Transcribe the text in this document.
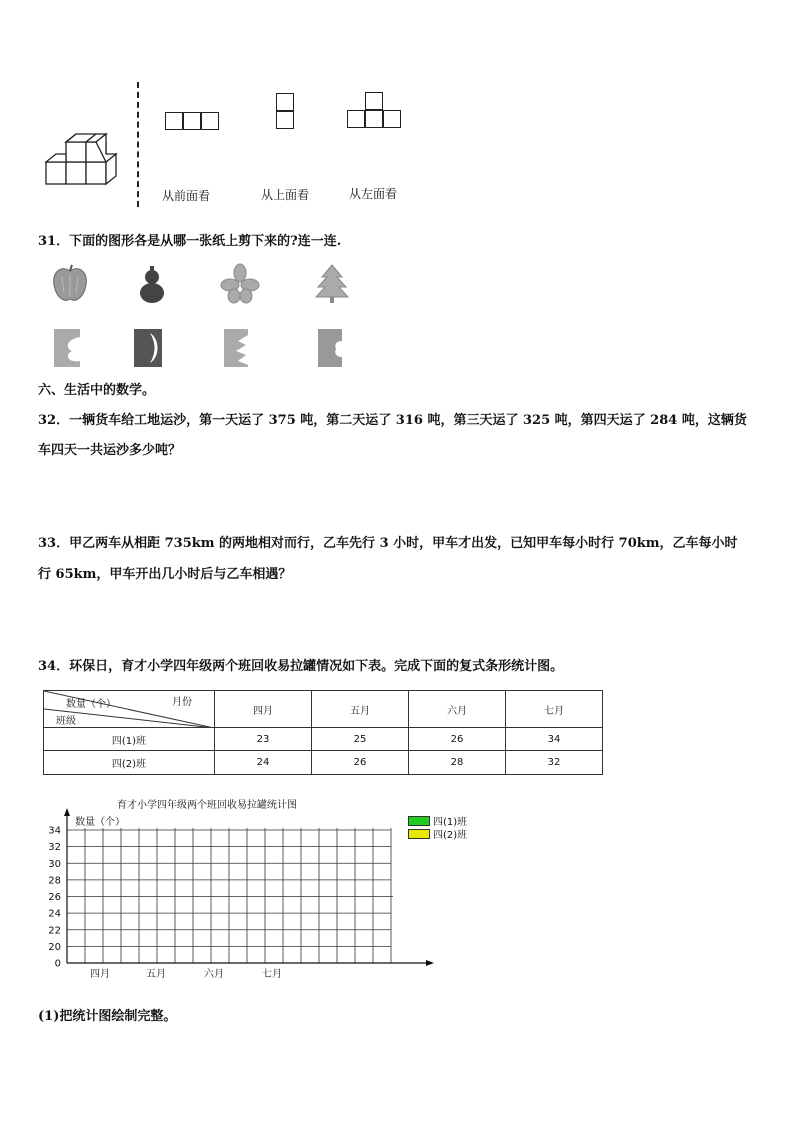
从前面看	从上面看	从左面看
31．下面的图形各是从哪一张纸上剪下来的?连一连.
六、生活中的数学。
32．一辆货车给工地运沙，第一天运了 375 吨，第二天运了 316 吨，第三天运了 325 吨，第四天运了 284 吨，这辆货
车四天一共运沙多少吨？
33．甲乙两车从相距 735km 的两地相对而行，乙车先行 3 小时，甲车才出发，已知甲车每小时行 70km，乙车每小时
行 65km，甲车开出几小时后与乙车相遇？
34．环保日，育才小学四年级两个班回收易拉罐情况如下表。完成下面的复式条形统计图。
数量（个） 月份
班级	四月	五月	六月	七月
四(1)班	23	25	26	34
四(2)班	24	26	28	32
育才小学四年级两个班回收易拉罐统计图
0
20
22
24
26
28
30
32
34
数量（个）
四月	五月	六月	七月
四(1)班
四(2)班
(1)把统计图绘制完整。
